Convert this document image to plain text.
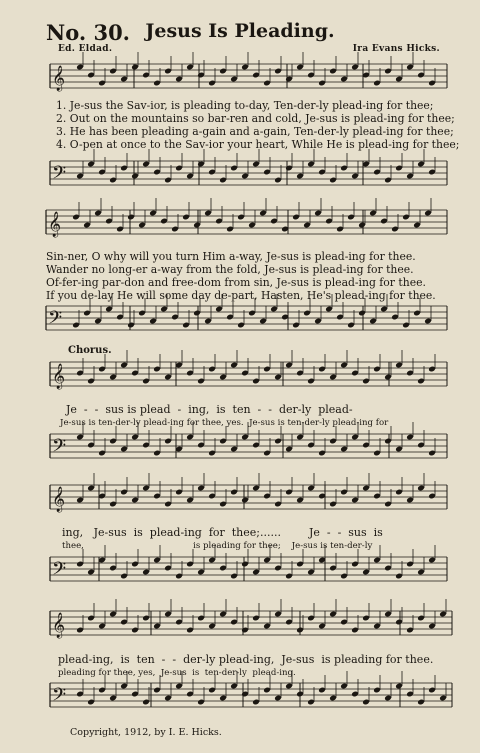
No. 30. Jesus Is Pleading.
Ed. Eldad.	Ira Evans Hicks.
𝄞
𝄢
𝄞
𝄢
𝄞
𝄢
𝄞
𝄢
𝄞
𝄢
1. Je-sus the Sav-ior, is pleading to-day, Ten-der-ly plead-ing for thee;
2. Out on the mountains so bar-ren and cold, Je-sus is plead-ing for thee;
3. He has been pleading a-gain and a-gain, Ten-der-ly plead-ing for thee;
4. O-pen at once to the Sav-ior your heart, While He is plead-ing for thee;
Sin-ner, O why will you turn Him a-way, Je-sus is plead-ing for thee.
Wander no long-er a-way from the fold, Je-sus is plead-ing for thee.
Of-fer-ing par-don and free-dom from sin, Je-sus is plead-ing for thee.
If you de-lay He will some day de-part, Hasten, He's plead-ing for thee.
Chorus.
Je  -  -  sus is plead  -  ing,  is  ten  -  -  der-ly  plead-
Je-sus is ten-der-ly plead-ing for thee, yes.  Je-sus is ten-der-ly plead-ing for
ing,   Je-sus  is  plead-ing  for  thee;......        Je  -  -  sus  is
thee,                                        is pleading for thee;    Je-sus is ten-der-ly
plead-ing,  is  ten  -  -  der-ly plead-ing,  Je-sus  is pleading for thee.
pleading for thee, yes,  Je-sus  is  ten-der-ly  plead-ing.
Copyright, 1912, by I. E. Hicks.
